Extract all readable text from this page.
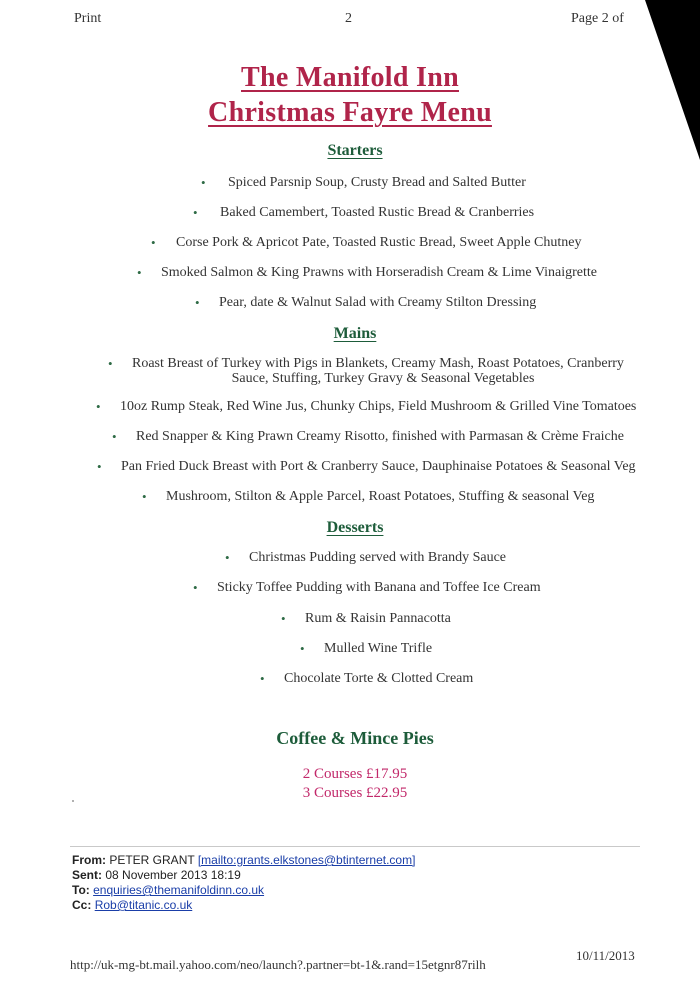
Print	2	Page 2 of
The Manifold Inn
Christmas Fayre Menu
Starters
• Spiced Parsnip Soup, Crusty Bread and Salted Butter
• Baked Camembert, Toasted Rustic Bread & Cranberries
• Corse Pork & Apricot Pate, Toasted Rustic Bread, Sweet Apple Chutney
• Smoked Salmon & King Prawns with Horseradish Cream & Lime Vinaigrette
• Pear, date & Walnut Salad with Creamy Stilton Dressing
Mains
• Roast Breast of Turkey with Pigs in Blankets, Creamy Mash, Roast Potatoes, Cranberry
Sauce, Stuffing, Turkey Gravy & Seasonal Vegetables
• 10oz Rump Steak, Red Wine Jus, Chunky Chips, Field Mushroom & Grilled Vine Tomatoes
• Red Snapper & King Prawn Creamy Risotto, finished with Parmasan & Crème Fraiche
• Pan Fried Duck Breast with Port & Cranberry Sauce, Dauphinaise Potatoes & Seasonal Veg
• Mushroom, Stilton & Apple Parcel, Roast Potatoes, Stuffing & seasonal Veg
Desserts
• Christmas Pudding served with Brandy Sauce
• Sticky Toffee Pudding with Banana and Toffee Ice Cream
• Rum & Raisin Pannacotta
• Mulled Wine Trifle
• Chocolate Torte & Clotted Cream
Coffee & Mince Pies
2 Courses £17.95
3 Courses £22.95
From: PETER GRANT [mailto:grants.elkstones@btinternet.com]
Sent: 08 November 2013 18:19
To: enquiries@themanifoldinn.co.uk
Cc: Rob@titanic.co.uk
http://uk-mg-bt.mail.yahoo.com/neo/launch?.partner=bt-1&.rand=15etgnr87rilh
10/11/2013
